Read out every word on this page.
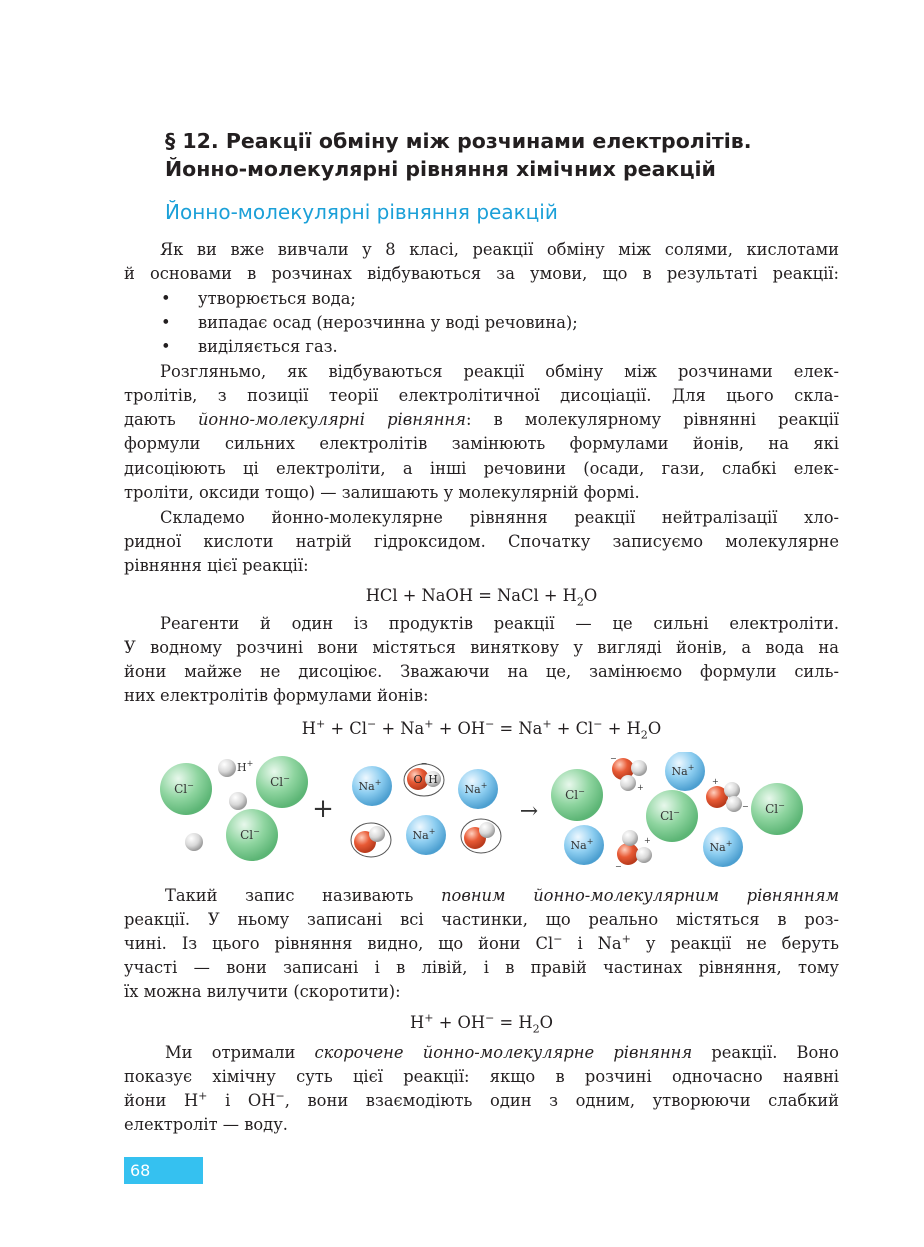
§ 12. Реакції обміну між розчинами електролітів.
Йонно-молекулярні рівняння хімічних реакцій
Йонно-молекулярні рівняння реакцій
Як ви вже вивчали у 8 класі, реакції обміну між солями, кислотами
й основами в розчинах відбуваються за умови, що в результаті реакції:
• утворюється вода;
• випадає осад (нерозчинна у воді речовина);
• виділяється газ.
Розгляньмо, як відбуваються реакції обміну між розчинами елек-
тролітів, з позиції теорії електролітичної дисоціації. Для цього скла-
дають йонно-молекулярні рівняння: в молекулярному рівнянні реакції
формули сильних електролітів замінюють формулами йонів, на які
дисоціюють ці електроліти, а інші речовини (осади, гази, слабкі елек-
троліти, оксиди тощо) — залишають у молекулярній формі.
Складемо йонно-молекулярне рівняння реакції нейтралізації хло-
ридної кислоти натрій гідроксидом. Спочатку записуємо молекулярне
рівняння цієї реакції:
HCl + NaOH = NaCl + $H_2O$
Реагенти й один із продуктів реакції — це сильні електроліти.
У водному розчині вони містяться виняткову у вигляді йонів, а вода на
йони майже не дисоціює. Зважаючи на це, замінюємо формули силь-
них електролітів формулами йонів:
$H^+ + Cl^- + Na^+ + OH^- = Na^+ + Cl^- + H_2O$
Cl−	Cl−
Cl−
H+
+
Na+
Na+
Na+
O H
−
→
Cl−
Cl−	Cl−
Na+
Na+	Na+
−
+
+
−
+
−
Такий запис називають повним йонно-молекулярним рівнянням
реакції. У ньому записані всі частинки, що реально містяться в роз-
чині. Із цього рівняння видно, що йони Cl− і Na+ у реакції не беруть
участі — вони записані і в лівій, і в правій частинах рівняння, тому
їх можна вилучити (скоротити):
$H^+ + OH^- = H_2O$
Ми отримали скорочене йонно-молекулярне рівняння реакції. Воно
показує хімічну суть цієї реакції: якщо в розчині одночасно наявні
йони H+ і OH−, вони взаємодіють один з одним, утворюючи слабкий
електроліт — воду.
68
